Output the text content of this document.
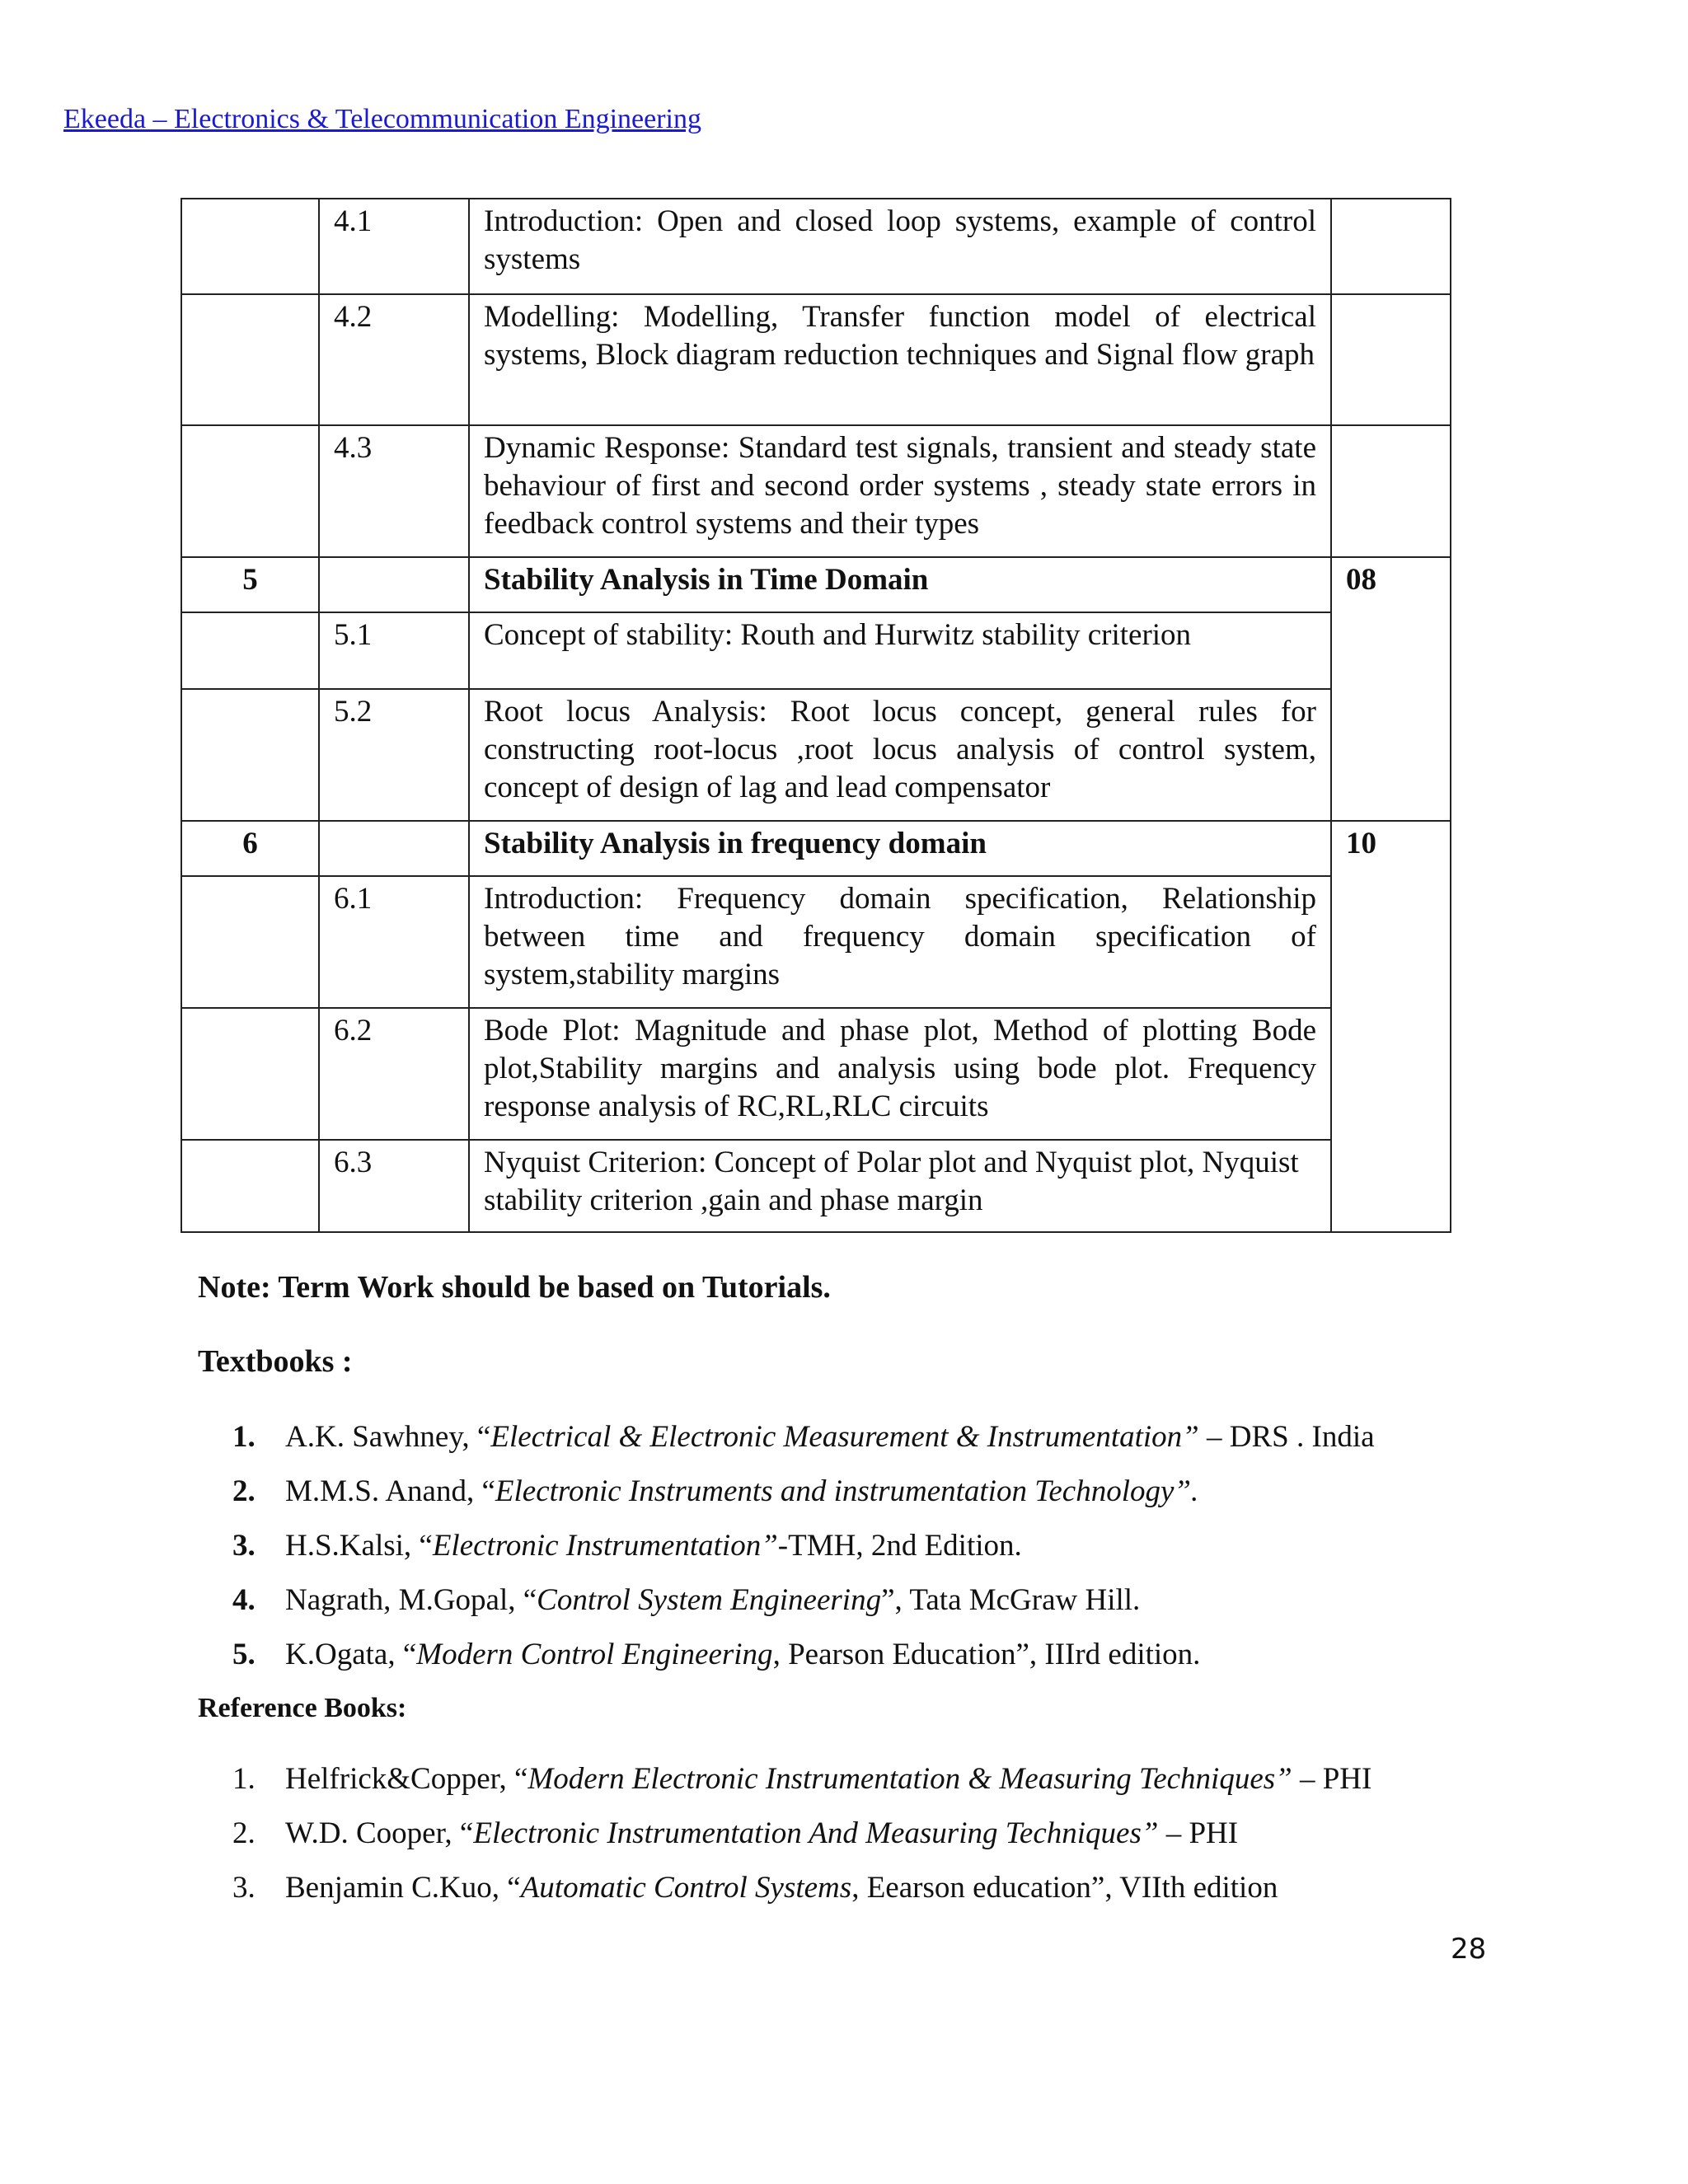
Ekeeda – Electronics & Telecommunication Engineering
	4.1	Introduction: Open and closed loop systems, example of control systems	
	4.2	Modelling: Modelling, Transfer function model of electrical systems, Block diagram reduction techniques and Signal flow graph	
	4.3	Dynamic Response: Standard test signals, transient and steady state behaviour of first and second order systems , steady state errors in feedback control systems and their types	
5		Stability Analysis in Time Domain	08
	5.1	Concept of stability: Routh and Hurwitz stability criterion	
	5.2	Root locus Analysis: Root locus concept, general rules for constructing root-locus ,root locus analysis of control system, concept of design of lag and lead compensator	
6		Stability Analysis in frequency domain	10
	6.1	Introduction: Frequency domain specification, Relationship between time and frequency domain specification of system,stability margins	
	6.2	Bode Plot: Magnitude and phase plot, Method of plotting Bode plot,Stability margins and analysis using bode plot. Frequency response analysis of RC,RL,RLC circuits	
	6.3	Nyquist Criterion: Concept of Polar plot and Nyquist plot, Nyquist stability criterion ,gain and phase margin	
Note: Term Work should be based on Tutorials.
Textbooks :
1. A.K. Sawhney, “Electrical & Electronic Measurement & Instrumentation” – DRS . India
2. M.M.S. Anand, “Electronic Instruments and instrumentation Technology”.
3. H.S.Kalsi, “Electronic Instrumentation”-TMH, 2nd Edition.
4. Nagrath, M.Gopal, “Control System Engineering”, Tata McGraw Hill.
5. K.Ogata, “Modern Control Engineering, Pearson Education”, IIIrd edition.
Reference Books:
1. Helfrick&Copper, “Modern Electronic Instrumentation & Measuring Techniques” – PHI
2. W.D. Cooper, “Electronic Instrumentation And Measuring Techniques” – PHI
3. Benjamin C.Kuo, “Automatic Control Systems, Eearson education”, VIIth edition
28
